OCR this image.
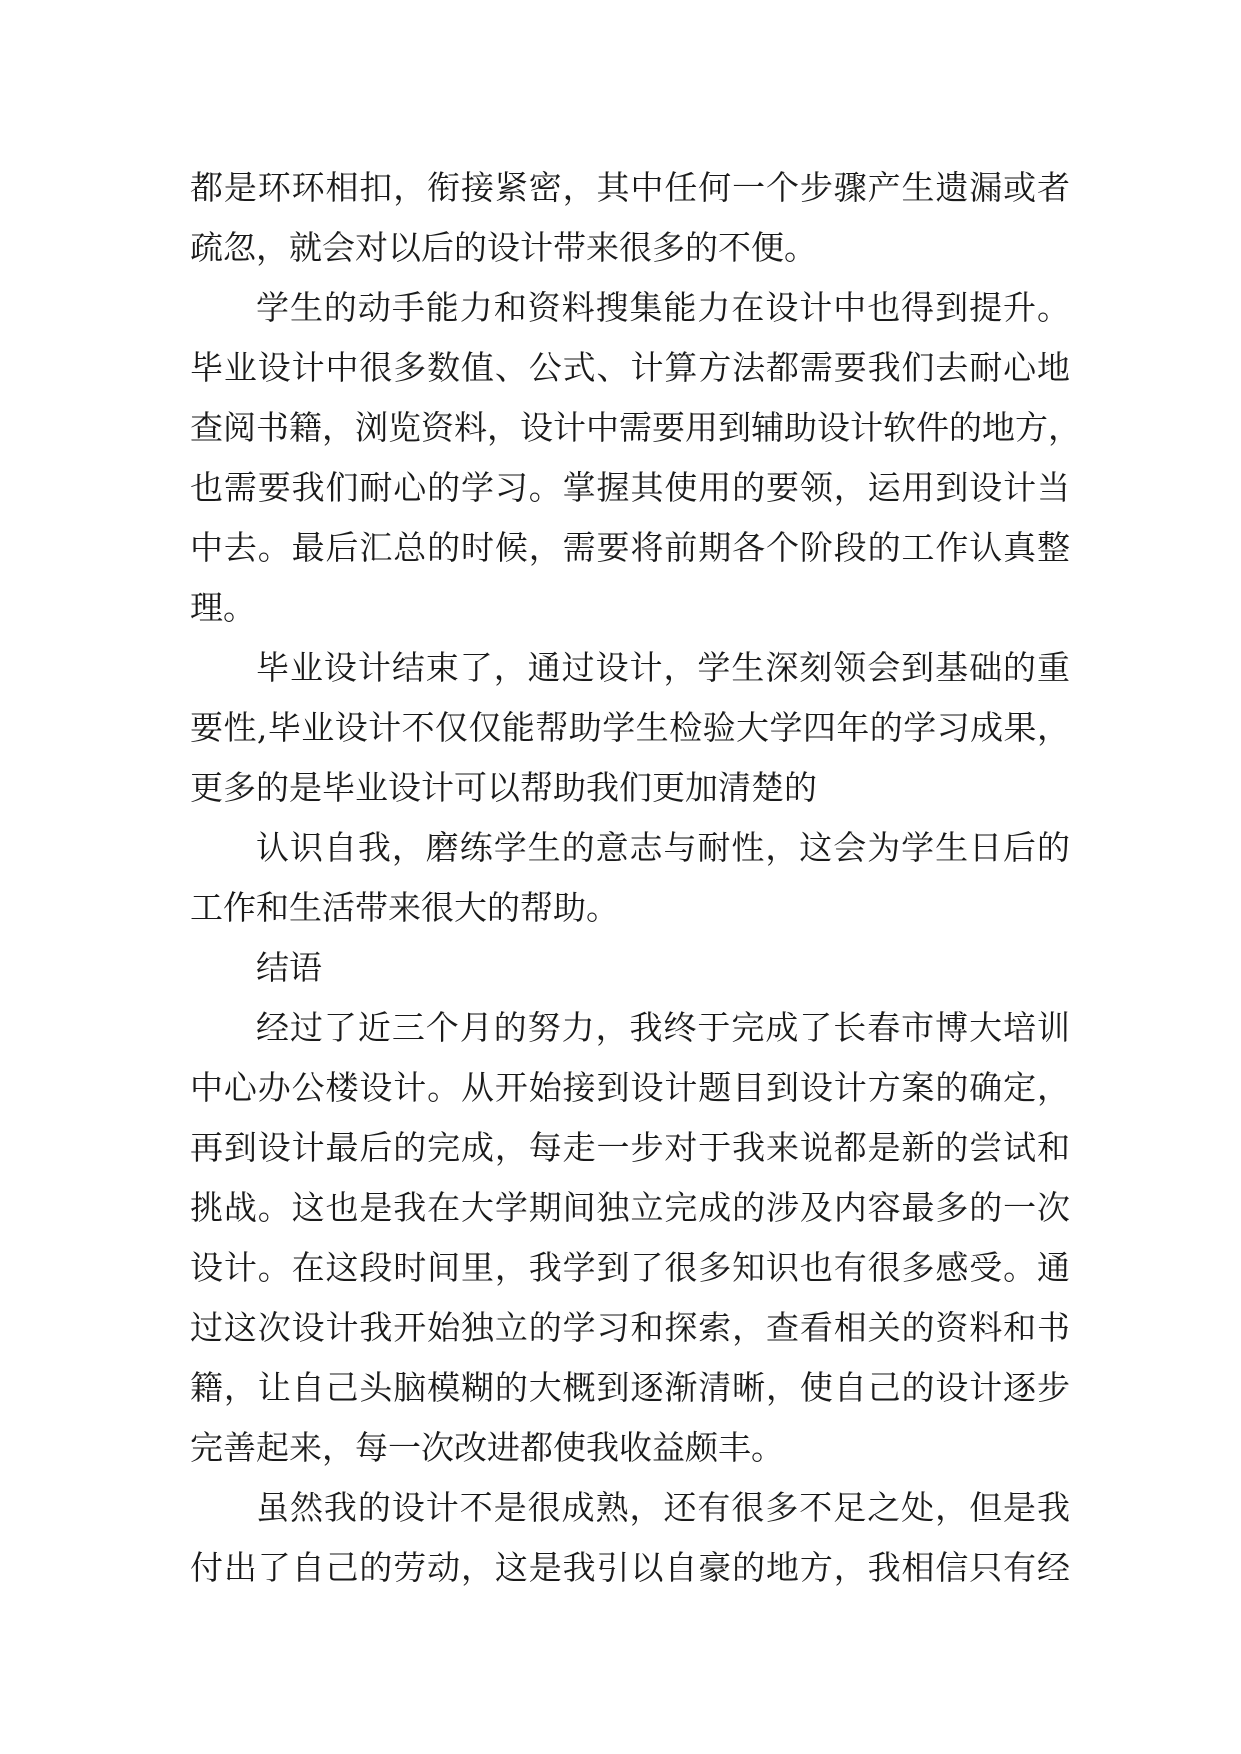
都是环环相扣，衔接紧密，其中任何一个步骤产生遗漏或者
疏忽，就会对以后的设计带来很多的不便。
学生的动手能力和资料搜集能力在设计中也得到提升。
毕业设计中很多数值、公式、计算方法都需要我们去耐心地
查阅书籍，浏览资料，设计中需要用到辅助设计软件的地方，
也需要我们耐心的学习。掌握其使用的要领，运用到设计当
中去。最后汇总的时候，需要将前期各个阶段的工作认真整
理。
毕业设计结束了，通过设计，学生深刻领会到基础的重
要性,毕业设计不仅仅能帮助学生检验大学四年的学习成果，
更多的是毕业设计可以帮助我们更加清楚的
认识自我，磨练学生的意志与耐性，这会为学生日后的
工作和生活带来很大的帮助。
结语
经过了近三个月的努力，我终于完成了长春市博大培训
中心办公楼设计。从开始接到设计题目到设计方案的确定，
再到设计最后的完成，每走一步对于我来说都是新的尝试和
挑战。这也是我在大学期间独立完成的涉及内容最多的一次
设计。在这段时间里，我学到了很多知识也有很多感受。通
过这次设计我开始独立的学习和探索，查看相关的资料和书
籍，让自己头脑模糊的大概到逐渐清晰，使自己的设计逐步
完善起来，每一次改进都使我收益颇丰。
虽然我的设计不是很成熟，还有很多不足之处，但是我
付出了自己的劳动，这是我引以自豪的地方，我相信只有经
